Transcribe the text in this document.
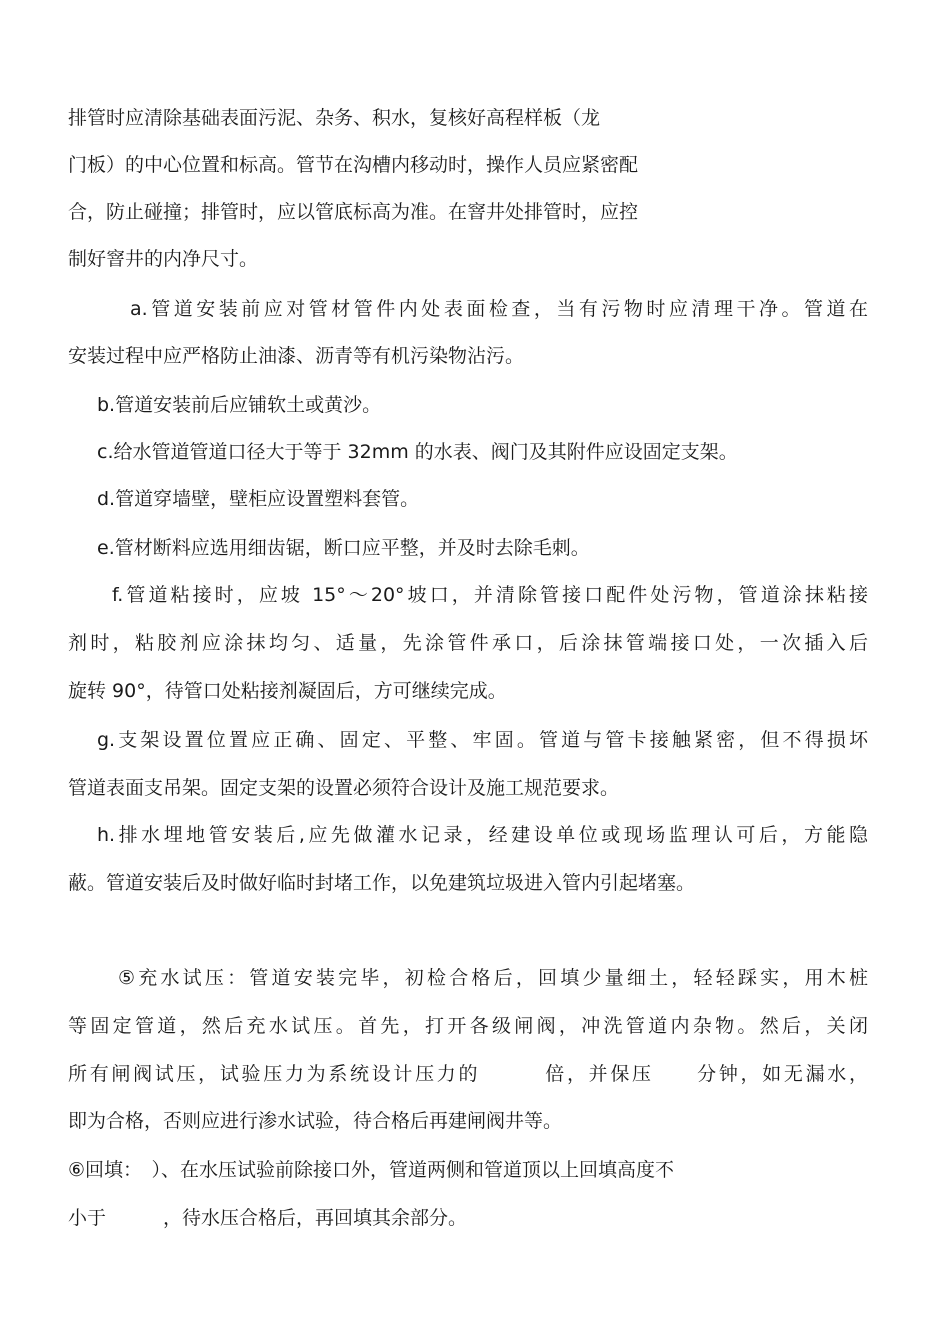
排管时应清除基础表面污泥、杂务、积水，复核好高程样板（龙
门板）的中心位置和标高。管节在沟槽内移动时，操作人员应紧密配
合，防止碰撞；排管时，应以管底标高为准。在窨井处排管时，应控
制好窨井的内净尺寸。
a.管道安装前应对管材管件内处表面检查，当有污物时应清理干净。管道在
安装过程中应严格防止油漆、沥青等有机污染物沾污。
b.管道安装前后应铺软土或黄沙。
c.给水管道管道口径大于等于 32mm 的水表、阀门及其附件应设固定支架。
d.管道穿墙壁，壁柜应设置塑料套管。
e.管材断料应选用细齿锯，断口应平整，并及时去除毛刺。
f.管道粘接时，应坡 15°～20°坡口，并清除管接口配件处污物，管道涂抹粘接
剂时，粘胶剂应涂抹均匀、适量，先涂管件承口，后涂抹管端接口处，一次插入后
旋转 90°，待管口处粘接剂凝固后，方可继续完成。
g.支架设置位置应正确、固定、平整、牢固。管道与管卡接触紧密，但不得损坏
管道表面支吊架。固定支架的设置必须符合设计及施工规范要求。
h.排水埋地管安装后,应先做灌水记录，经建设单位或现场监理认可后，方能隐
蔽。管道安装后及时做好临时封堵工作，以免建筑垃圾进入管内引起堵塞。
⑤充水试压：管道安装完毕，初检合格后，回填少量细土，轻轻踩实，用木桩
等固定管道，然后充水试压。首先，打开各级闸阀，冲洗管道内杂物。然后，关闭
所有闸阀试压，试验压力为系统设计压力的　　　倍，并保压　　分钟，如无漏水，
即为合格，否则应进行渗水试验，待合格后再建闸阀井等。
⑥回填：　）、在水压试验前除接口外，管道两侧和管道顶以上回填高度不
小于　　　，待水压合格后，再回填其余部分。
